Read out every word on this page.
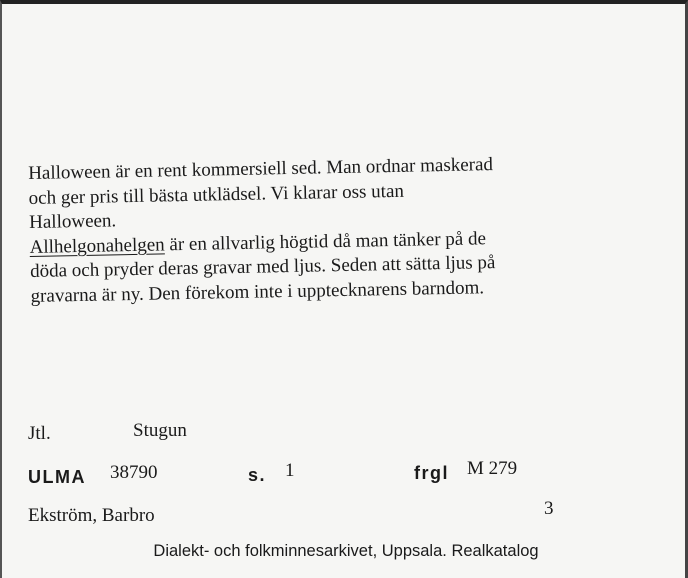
Halloween är en rent kommersiell sed. Man ordnar maskerad
och ger pris till bästa utklädsel. Vi klarar oss utan
Halloween.
Allhelgonahelgen är en allvarlig högtid då man tänker på de
döda och pryder deras gravar med ljus. Seden att sätta ljus på
gravarna är ny. Den förekom inte i upptecknarens barndom.
Jtl.	Stugun
ULMA 38790	s. 1	frgl M 279
Ekström, Barbro	3
Dialekt- och folkminnesarkivet, Uppsala. Realkatalog
